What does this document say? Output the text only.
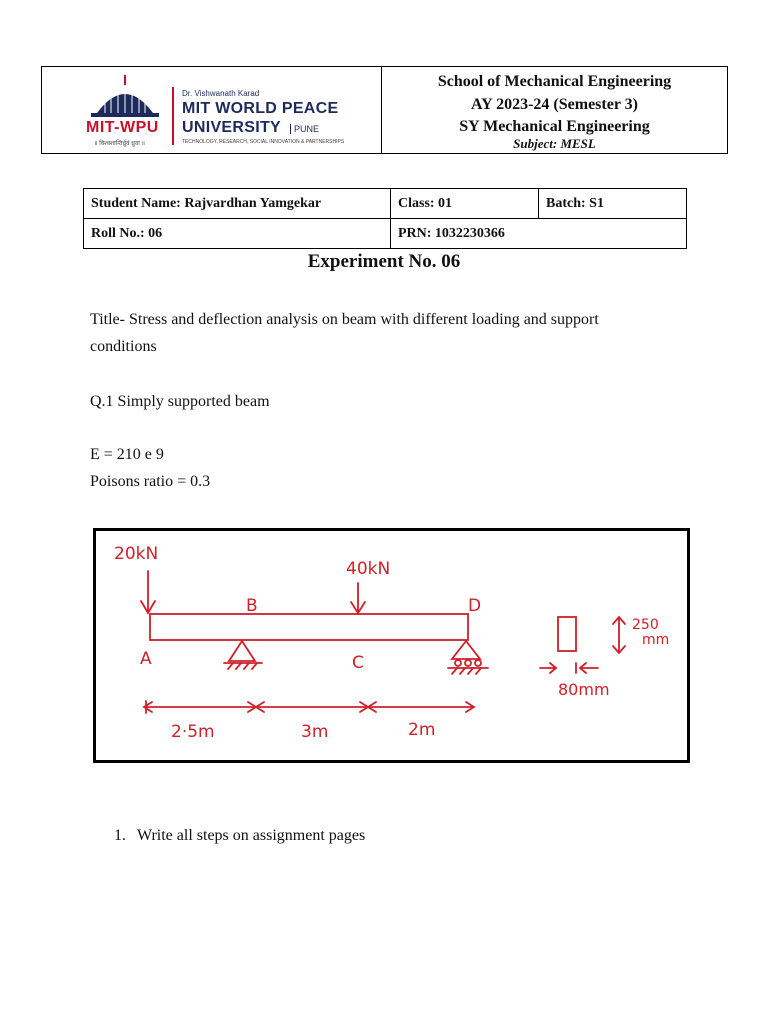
MIT-WPU
॥ विश्वशान्तिर्ध्रुवं ध्रुवा ॥
Dr. Vishwanath Karad
MIT WORLD PEACE
UNIVERSITY	PUNE
TECHNOLOGY, RESEARCH, SOCIAL INNOVATION & PARTNERSHIPS
School of Mechanical Engineering
AY 2023-24 (Semester 3)
SY Mechanical Engineering
Subject: MESL
Student Name: Rajvardhan Yamgekar	Class: 01	Batch: S1
Roll No.: 06	PRN: 1032230366	
Experiment No. 06
Title- Stress and deflection analysis on beam with different loading and support
conditions
Q.1 Simply supported beam
E = 210 e 9
Poisons ratio = 0.3
20kN
40kN
B	D
A	C
2·5m	3m	2m
250
mm
80mm
1. Write all steps on assignment pages
